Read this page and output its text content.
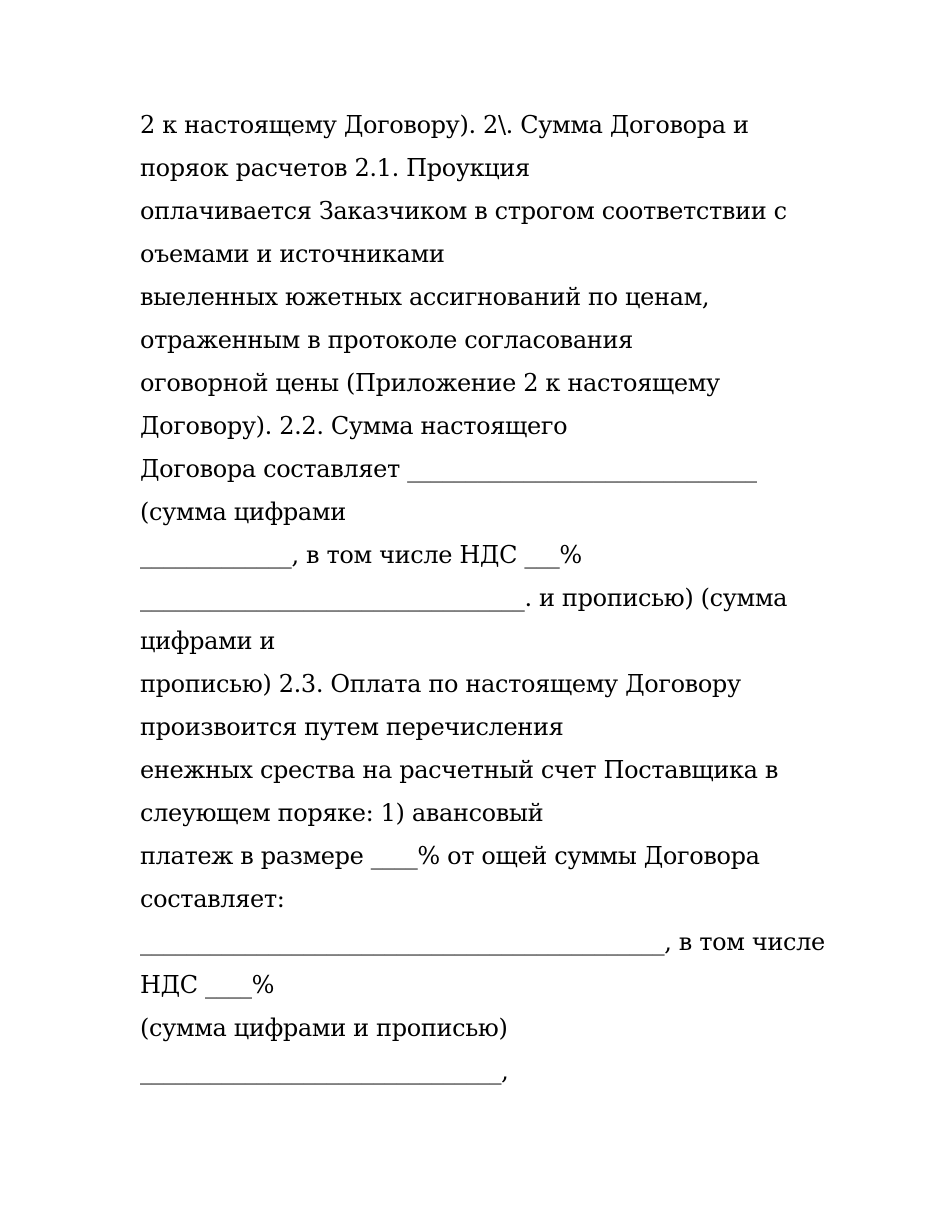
2 к настоящему Договору). 2\. Сумма Договора и
поряок расчетов 2.1. Проукция
оплачивается Заказчиком в строгом соответствии с
оъемами и источниками
выеленных южетных ассигнований по ценам,
отраженным в протоколе согласования
оговорной цены (Приложение 2 к настоящему
Договору). 2.2. Сумма настоящего
Договора составляет ______________________________
(сумма цифрами
_____________, в том числе НДС ___%
_________________________________. и прописью) (сумма
цифрами и
прописью) 2.3. Оплата по настоящему Договору
произвоится путем перечисления
енежных срества на расчетный счет Поставщика в
слеующем поряке: 1) авансовый
платеж в размере ____% от ощей суммы Договора
составляет:
_____________________________________________, в том числе
НДС ____%
(сумма цифрами и прописью)
_______________________________,
